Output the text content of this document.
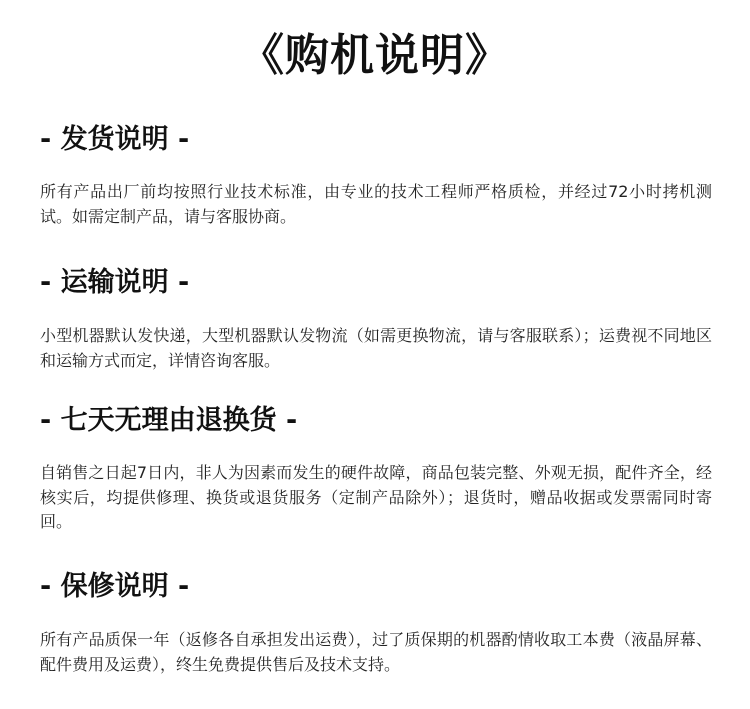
《购机说明》
- 发货说明 -

所有产品出厂前均按照行业技术标准，由专业的技术工程师严格质检，并经过72小时拷机测试。如需定制产品，请与客服协商。

- 运输说明 -

小型机器默认发快递，大型机器默认发物流（如需更换物流，请与客服联系）；运费视不同地区和运输方式而定，详情咨询客服。

- 七天无理由退换货 -

自销售之日起7日内，非人为因素而发生的硬件故障，商品包装完整、外观无损，配件齐全，经核实后，均提供修理、换货或退货服务（定制产品除外）；退货时，赠品收据或发票需同时寄回。

- 保修说明 -

所有产品质保一年（返修各自承担发出运费），过了质保期的机器酌情收取工本费（液晶屏幕、配件费用及运费），终生免费提供售后及技术支持。
